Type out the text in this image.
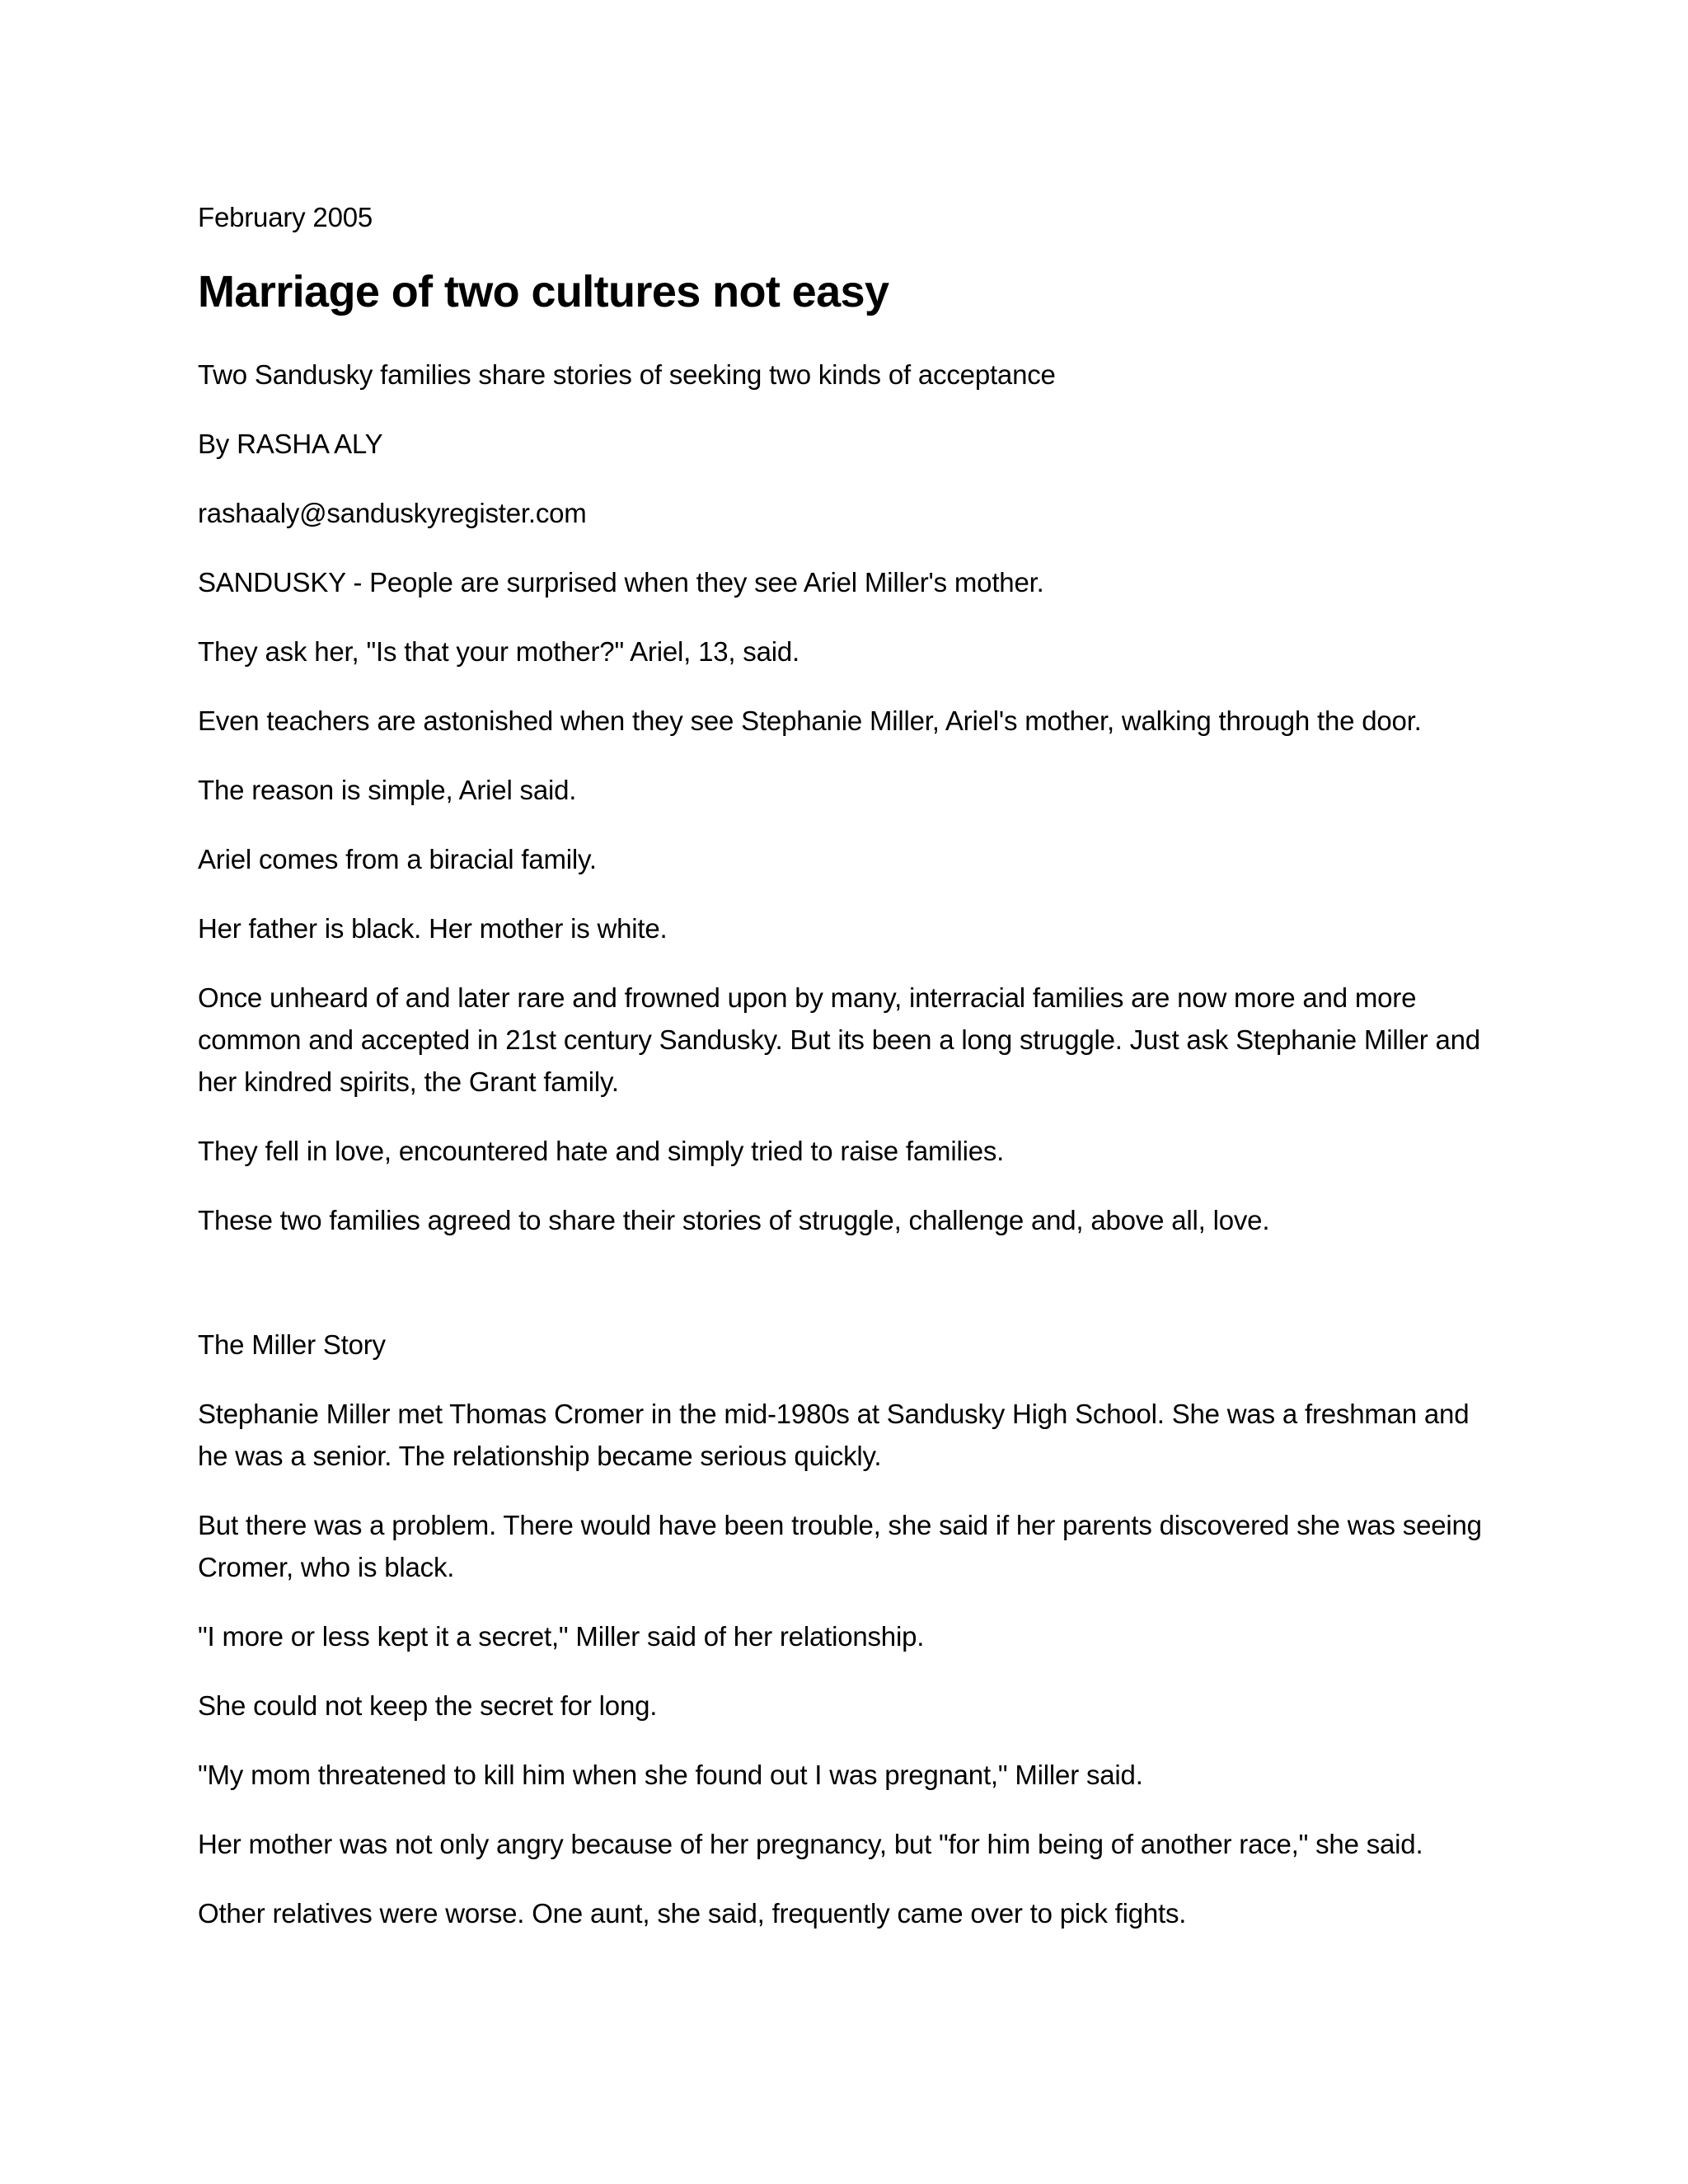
February 2005

Marriage of two cultures not easy

Two Sandusky families share stories of seeking two kinds of acceptance

By RASHA ALY

rashaaly@sanduskyregister.com

SANDUSKY - People are surprised when they see Ariel Miller's mother.

They ask her, "Is that your mother?" Ariel, 13, said.

Even teachers are astonished when they see Stephanie Miller, Ariel's mother, walking through the door.

The reason is simple, Ariel said.

Ariel comes from a biracial family.

Her father is black. Her mother is white.

Once unheard of and later rare and frowned upon by many, interracial families are now more and more common and accepted in 21st century Sandusky. But its been a long struggle. Just ask Stephanie Miller and her kindred spirits, the Grant family.

They fell in love, encountered hate and simply tried to raise families.

These two families agreed to share their stories of struggle, challenge and, above all, love.

The Miller Story

Stephanie Miller met Thomas Cromer in the mid-1980s at Sandusky High School. She was a freshman and he was a senior. The relationship became serious quickly.

But there was a problem. There would have been trouble, she said if her parents discovered she was seeing Cromer, who is black.

"I more or less kept it a secret," Miller said of her relationship.

She could not keep the secret for long.

"My mom threatened to kill him when she found out I was pregnant," Miller said.

Her mother was not only angry because of her pregnancy, but "for him being of another race," she said.

Other relatives were worse. One aunt, she said, frequently came over to pick fights.
